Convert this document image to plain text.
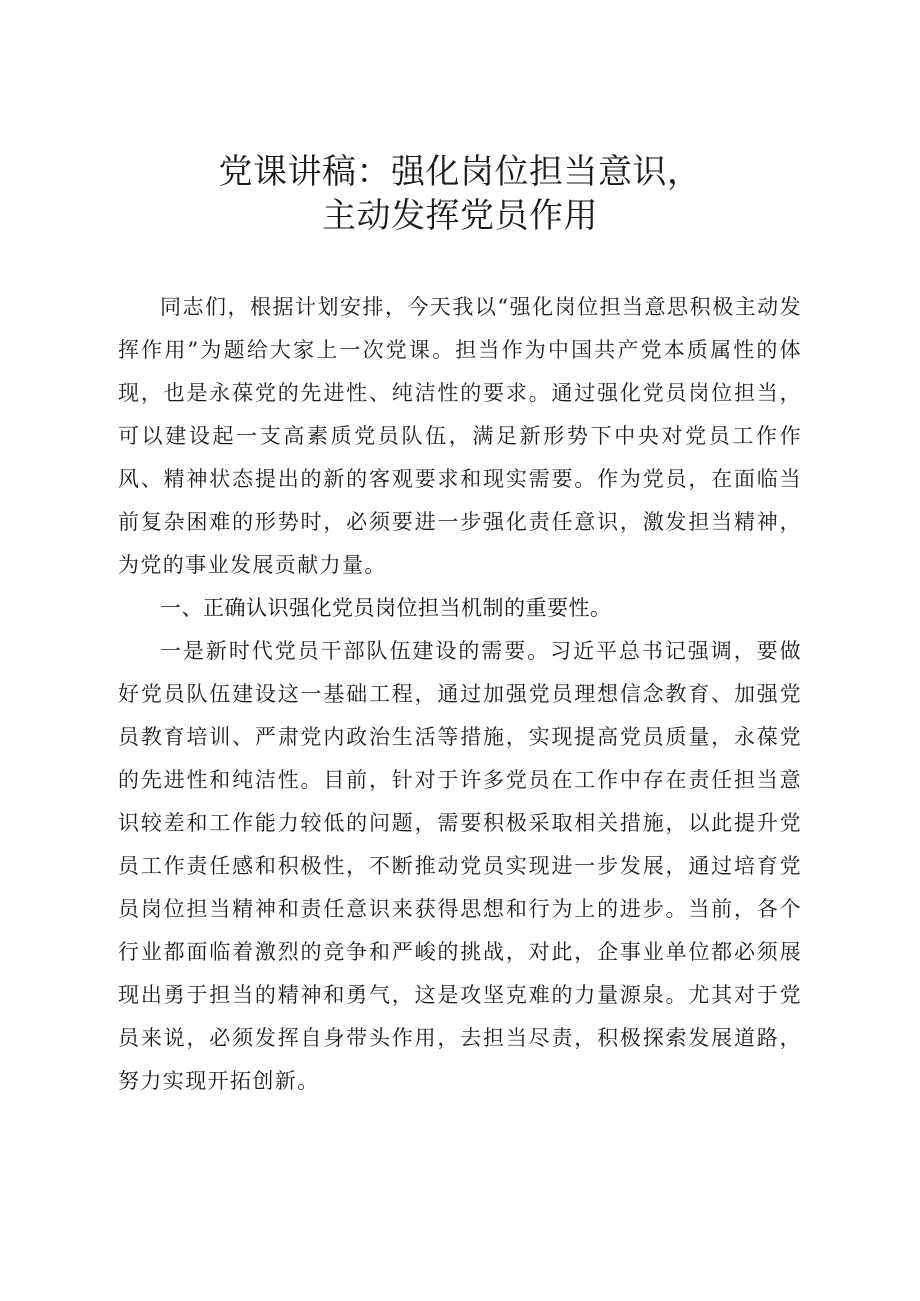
党课讲稿：强化岗位担当意识，
主动发挥党员作用

同志们，根据计划安排，今天我以“强化岗位担当意思积极主动发挥作用”为题给大家上一次党课。担当作为中国共产党本质属性的体现，也是永葆党的先进性、纯洁性的要求。通过强化党员岗位担当，可以建设起一支高素质党员队伍，满足新形势下中央对党员工作作风、精神状态提出的新的客观要求和现实需要。作为党员，在面临当前复杂困难的形势时，必须要进一步强化责任意识，激发担当精神，为党的事业发展贡献力量。

一、正确认识强化党员岗位担当机制的重要性。

一是新时代党员干部队伍建设的需要。习近平总书记强调，要做好党员队伍建设这一基础工程，通过加强党员理想信念教育、加强党员教育培训、严肃党内政治生活等措施，实现提高党员质量，永葆党的先进性和纯洁性。目前，针对于许多党员在工作中存在责任担当意识较差和工作能力较低的问题，需要积极采取相关措施，以此提升党员工作责任感和积极性，不断推动党员实现进一步发展，通过培育党员岗位担当精神和责任意识来获得思想和行为上的进步。当前，各个行业都面临着激烈的竞争和严峻的挑战，对此，企事业单位都必须展现出勇于担当的精神和勇气，这是攻坚克难的力量源泉。尤其对于党员来说，必须发挥自身带头作用，去担当尽责，积极探索发展道路，努力实现开拓创新。
